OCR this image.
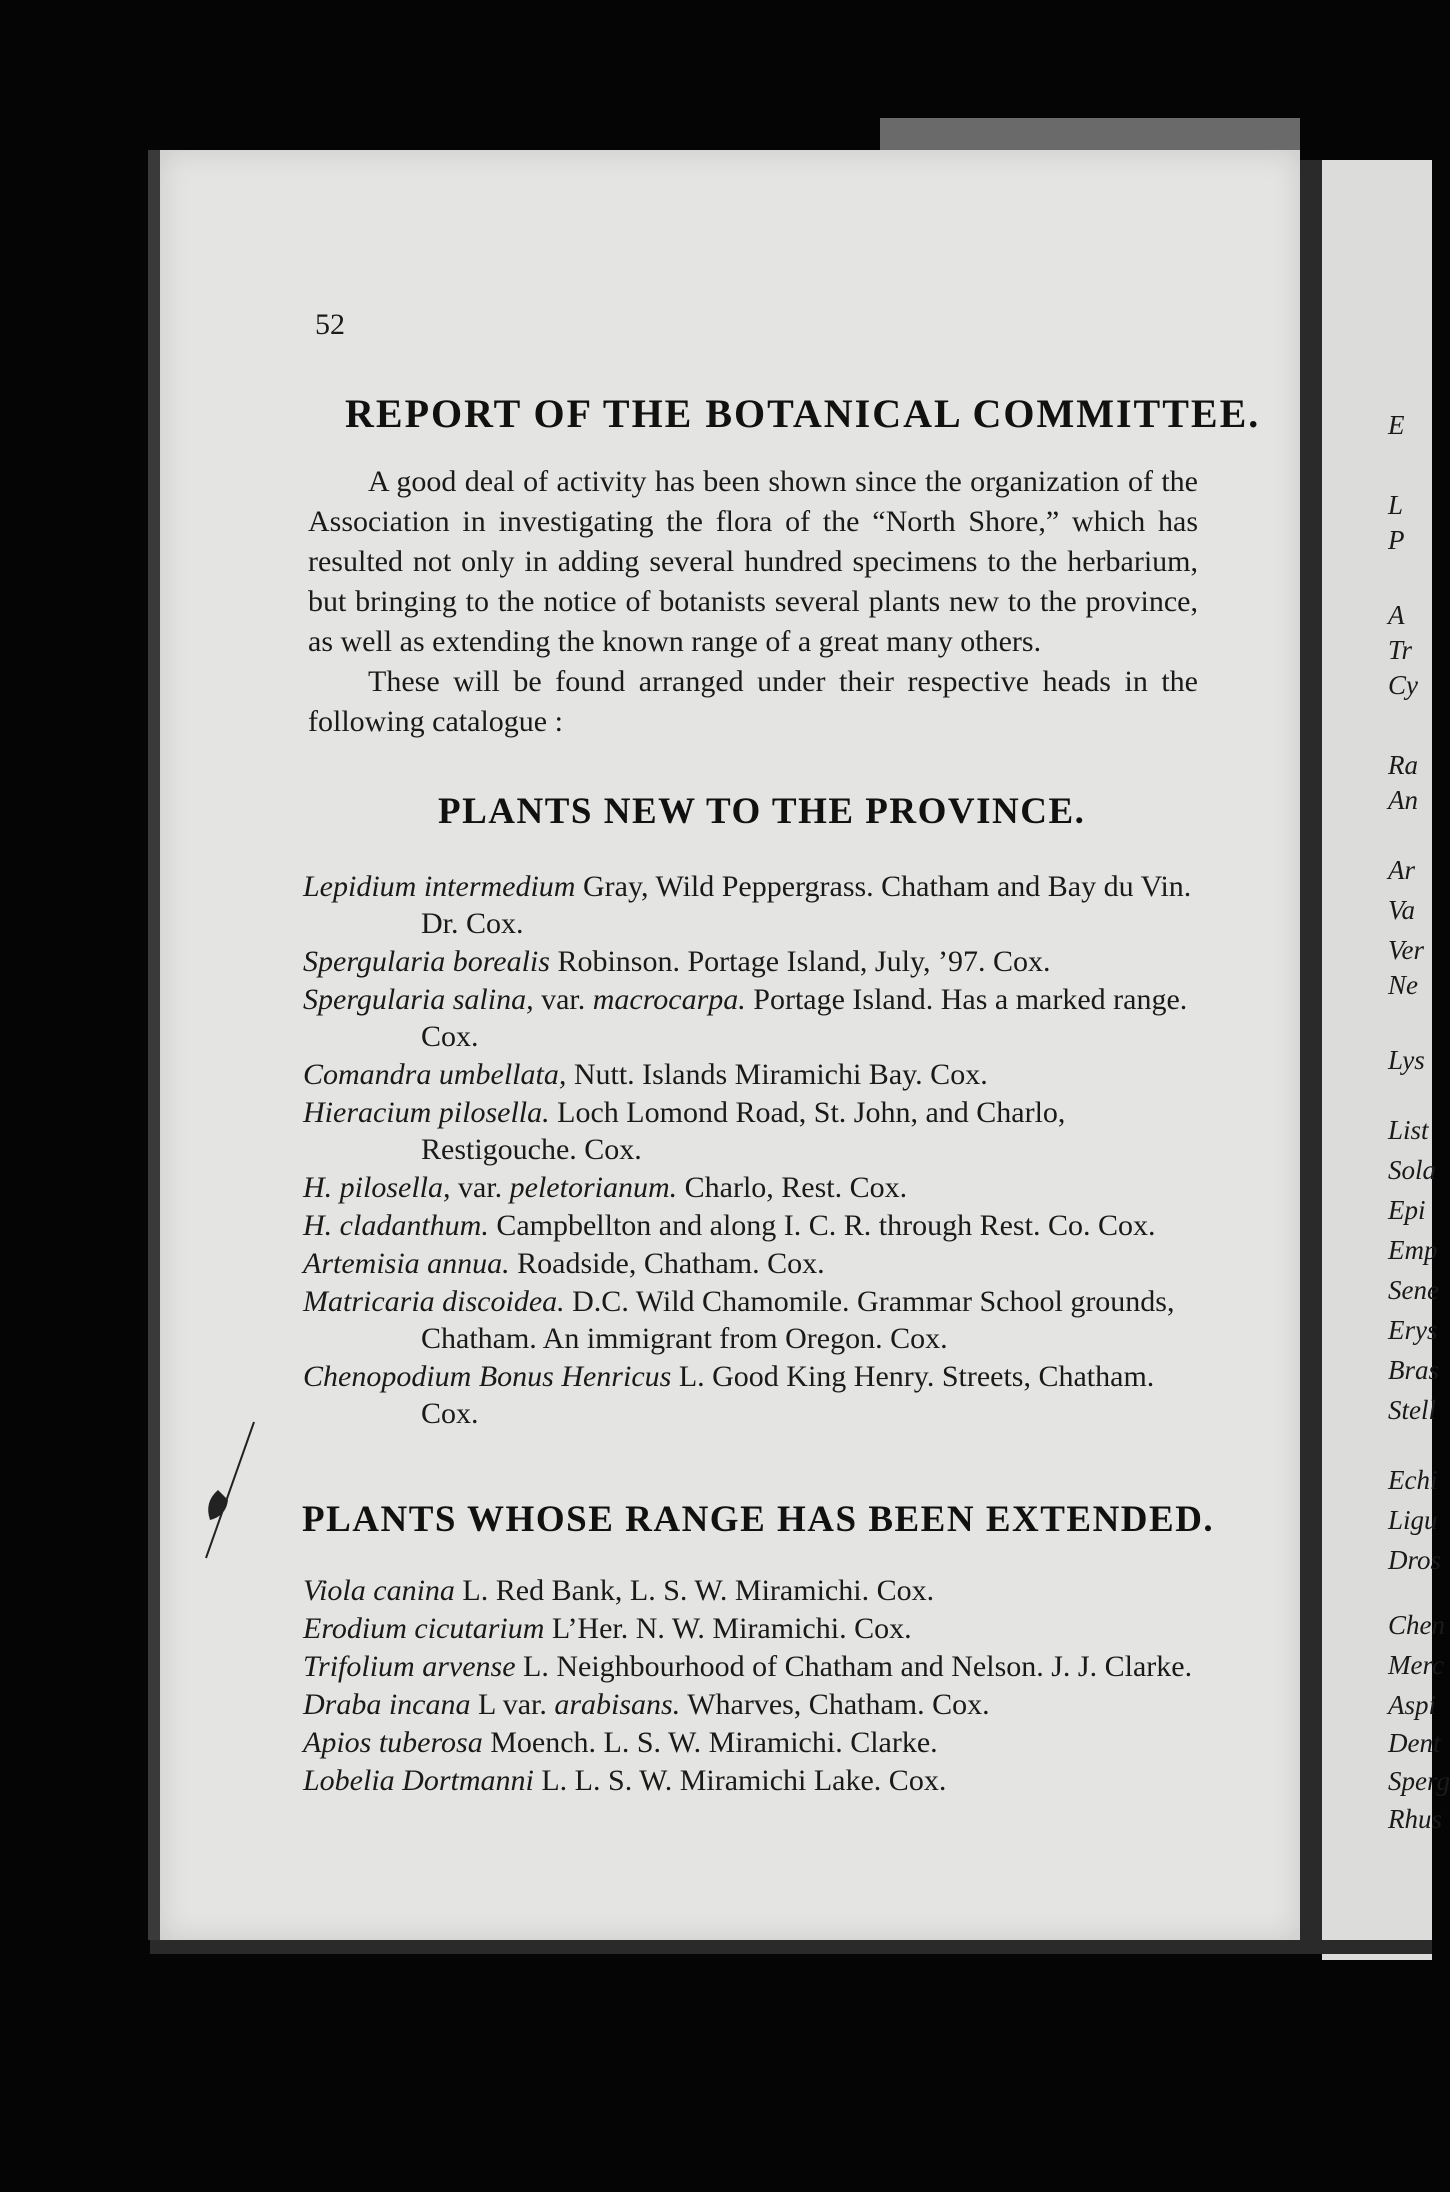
52
REPORT OF THE BOTANICAL COMMITTEE.

A good deal of activity has been shown since the organization of the Association in investigating the flora of the “North Shore,” which has resulted not only in adding several hundred specimens to the herbarium, but bringing to the notice of botanists several plants new to the province, as well as extending the known range of a great many others.

These will be found arranged under their respective heads in the following catalogue :

PLANTS NEW TO THE PROVINCE.

Lepidium intermedium Gray, Wild Peppergrass. Chatham and Bay du Vin. Dr. Cox.

Spergularia borealis Robinson. Portage Island, July, ’97. Cox.

Spergularia salina, var. macrocarpa. Portage Island. Has a marked range. Cox.

Comandra umbellata, Nutt. Islands Miramichi Bay. Cox.

Hieracium pilosella. Loch Lomond Road, St. John, and Charlo, Restigouche. Cox.

H. pilosella, var. peletorianum. Charlo, Rest. Cox.

H. cladanthum. Campbellton and along I. C. R. through Rest. Co. Cox.

Artemisia annua. Roadside, Chatham. Cox.

Matricaria discoidea. D.C. Wild Chamomile. Grammar School grounds, Chatham. An immigrant from Oregon. Cox.

Chenopodium Bonus Henricus L. Good King Henry. Streets, Chatham. Cox.

PLANTS WHOSE RANGE HAS BEEN EXTENDED.

Viola canina L. Red Bank, L. S. W. Miramichi. Cox.

Erodium cicutarium L’Her. N. W. Miramichi. Cox.

Trifolium arvense L. Neighbourhood of Chatham and Nelson. J. J. Clarke.

Draba incana L var. arabisans. Wharves, Chatham. Cox.

Apios tuberosa Moench. L. S. W. Miramichi. Clarke.

Lobelia Dortmanni L. L. S. W. Miramichi Lake. Cox.

E
L
P
A
Tr
Cy
Ra
An
Ar
Va
Ver
Ne
Lys
List
Sola
Epi
Emp
Sene
Erys
Bras
Stell
Echi
Ligu
Dros
Chen
Merc
Aspi
Dent
Sperg
Rhus
